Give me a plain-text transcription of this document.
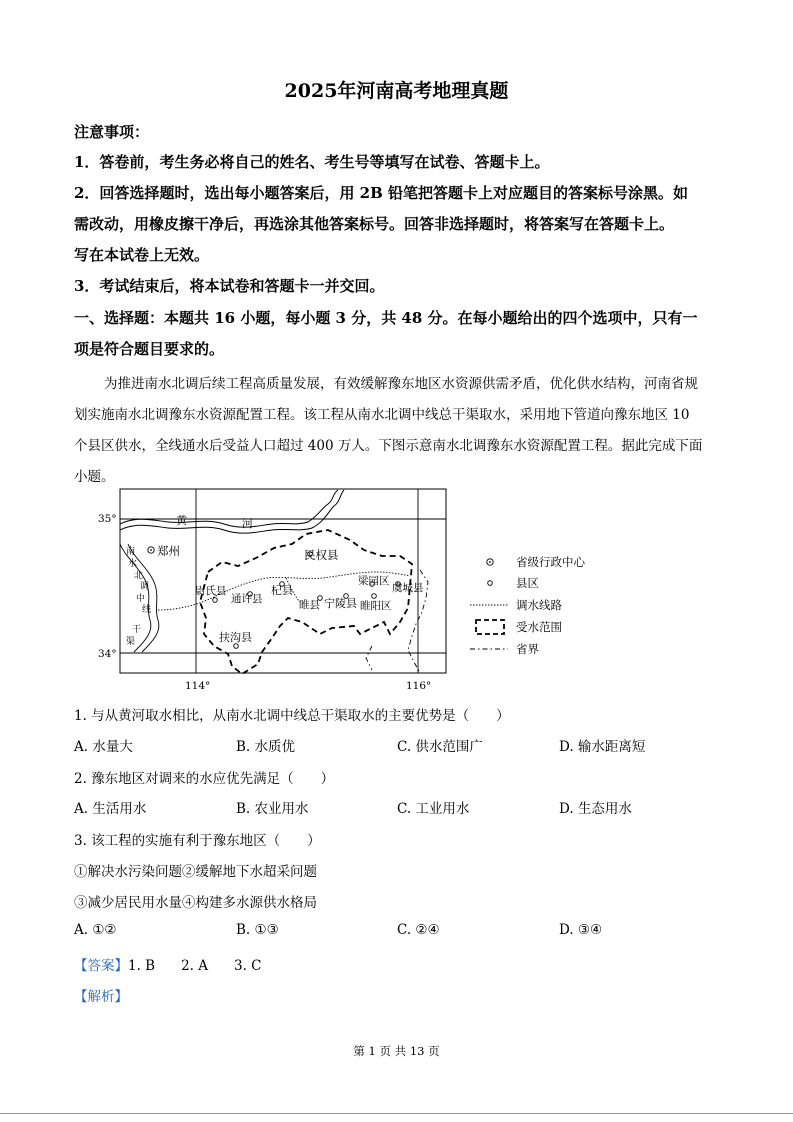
2025年河南高考地理真题
注意事项：
1．答卷前，考生务必将自己的姓名、考生号等填写在试卷、答题卡上。
2．回答选择题时，选出每小题答案后，用 2B 铅笔把答题卡上对应题目的答案标号涂黑。如
需改动，用橡皮擦干净后，再选涂其他答案标号。回答非选择题时，将答案写在答题卡上。
写在本试卷上无效。
3．考试结束后，将本试卷和答题卡一并交回。
一、选择题：本题共 16 小题，每小题 3 分，共 48 分。在每小题给出的四个选项中，只有一
项是符合题目要求的。
为推进南水北调后续工程高质量发展，有效缓解豫东地区水资源供需矛盾，优化供水结构，河南省规
划实施南水北调豫东水资源配置工程。该工程从南水北调中线总干渠取水，采用地下管道向豫东地区 10
个县区供水，全线通水后受益人口超过 400 万人。下图示意南水北调豫东水资源配置工程。据此完成下面
小题。
35°
34°
114°	116°
黄	河
南
水
北
调
中
线
干
渠
郑州	民权县
梁园区
虞城县
尉氏县
通许县
杞县
睢县 宁陵县 睢阳区
扶沟县
省级行政中心
县区
调水线路
受水范围
省界
1. 与从黄河取水相比，从南水北调中线总干渠取水的主要优势是（　　）
A. 水量大	B. 水质优	C. 供水范围广	D. 输水距离短
2. 豫东地区对调来的水应优先满足（　　）
A. 生活用水	B. 农业用水	C. 工业用水	D. 生态用水
3. 该工程的实施有利于豫东地区（　　）
①解决水污染问题②缓解地下水超采问题
③减少居民用水量④构建多水源供水格局
A. ①②	B. ①③	C. ②④	D. ③④
【答案】1. B 2. A 3. C
【解析】
第 1 页 共 13 页
